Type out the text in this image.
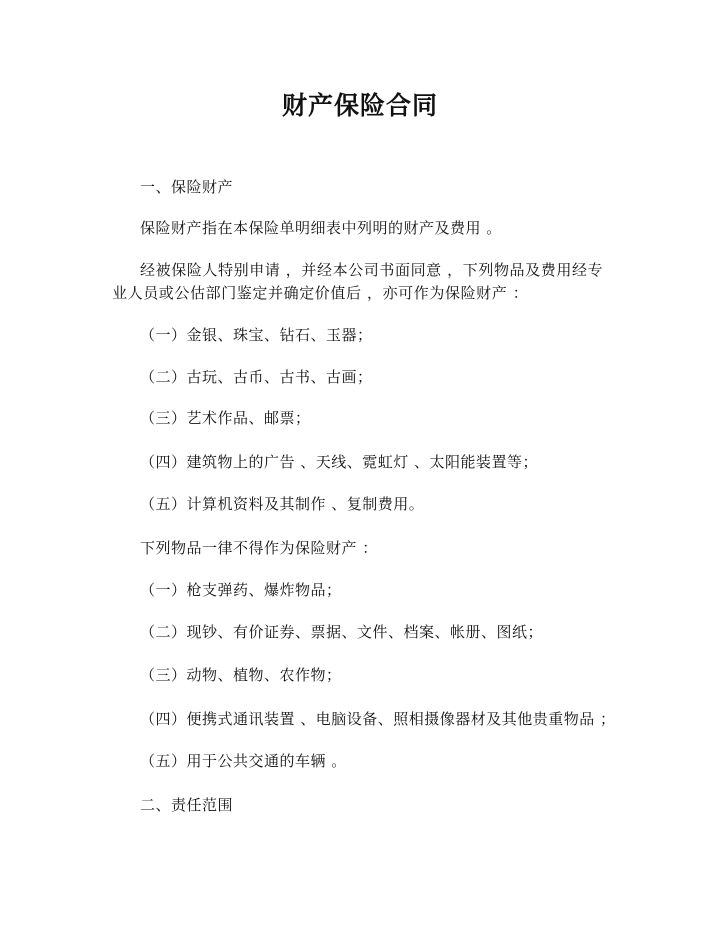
财产保险合同
一、保险财产
保险财产指在本保险单明细表中列明的财产及费用 。
经被保险人特别申请 ，并经本公司书面同意 ，下列物品及费用经专
业人员或公估部门鉴定并确定价值后 ，亦可作为保险财产 ：
（一）金银、珠宝、钻石、玉器；
（二）古玩、古币、古书、古画；
（三）艺术作品、邮票；
（四）建筑物上的广告 、天线、霓虹灯 、太阳能装置等；
（五）计算机资料及其制作 、复制费用。
下列物品一律不得作为保险财产 ：
（一）枪支弹药、爆炸物品；
（二）现钞、有价证券、票据、文件、档案、帐册、图纸；
（三）动物、植物、农作物；
（四）便携式通讯装置 、电脑设备、照相摄像器材及其他贵重物品 ；
（五）用于公共交通的车辆 。
二、责任范围
